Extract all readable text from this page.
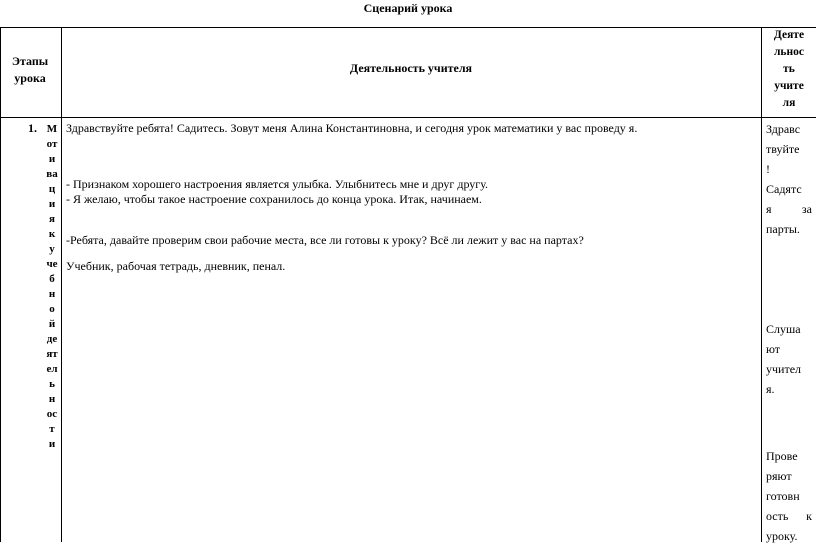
Сценарий урока
Этапы
урока
Деятельность учителя
Деяте
льнос
ть
учите
ля
1. М
от
и
ва
ц
и
я
к
у
че
б
н
о
й
де
ят
ел
ь
н
ос
т
и
Здравствуйте ребята! Садитесь. Зовут меня Алина Константиновна, и сегодня урок математики у вас проведу я.
- Признаком хорошего настроения является улыбка. Улыбнитесь мне и друг другу.
- Я желаю, чтобы такое настроение сохранилось до конца урока. Итак, начинаем.
-Ребята, давайте проверим свои рабочие места, все ли готовы к уроку? Всё ли лежит у вас на партах?
Учебник, рабочая тетрадь, дневник, пенал.
Здравс
твуйте
!
Садятс
я	за
парты.
Слуша
ют
учител
я.
Прове
ряют
готовн
ость к
уроку.
